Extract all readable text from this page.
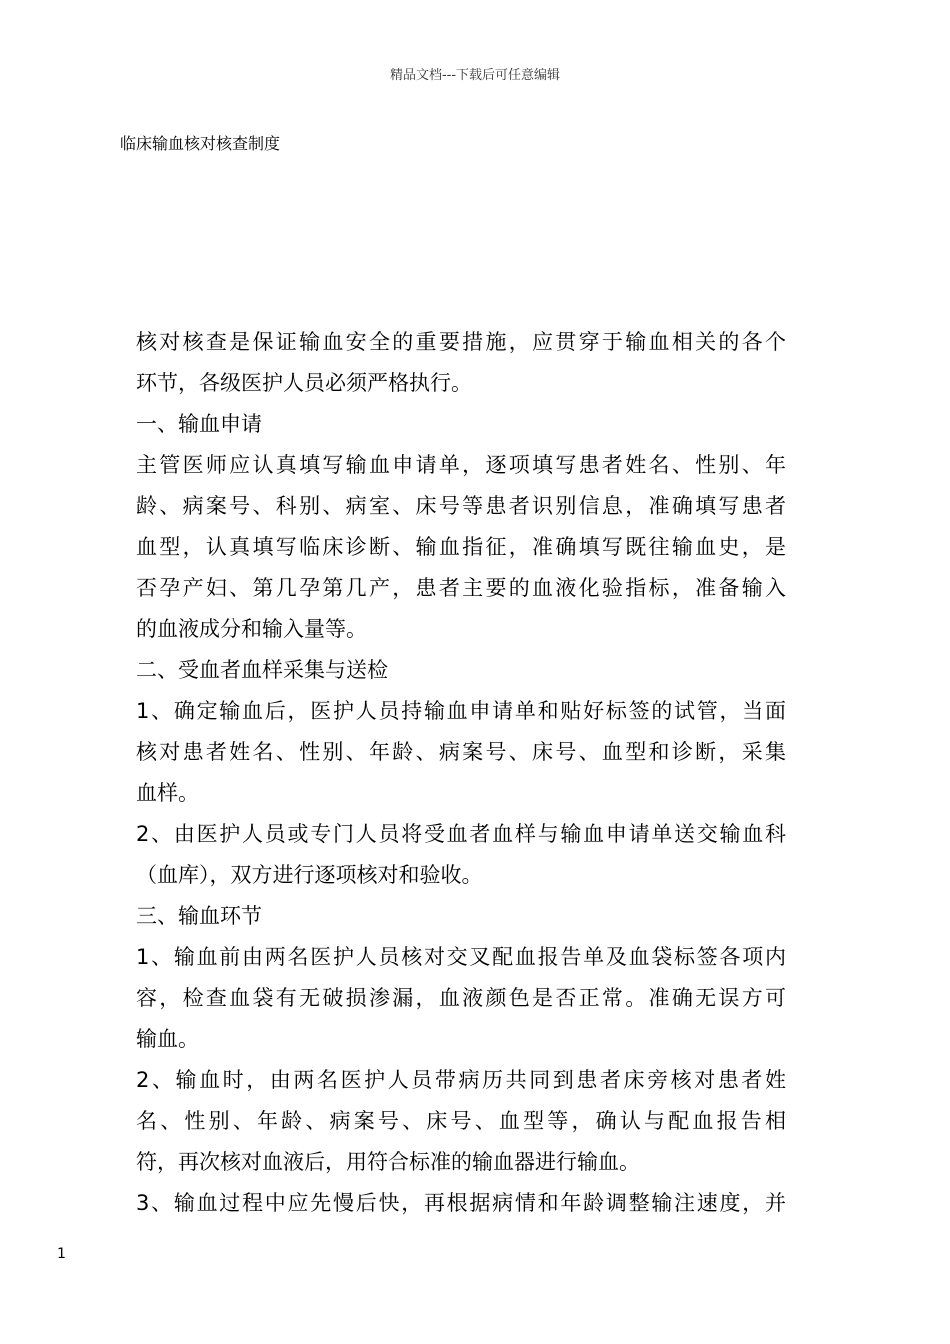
精品文档---下载后可任意编辑
临床输血核对核查制度
核对核查是保证输血安全的重要措施，应贯穿于输血相关的各个
环节，各级医护人员必须严格执行。
一、输血申请
主管医师应认真填写输血申请单，逐项填写患者姓名、性别、年
龄、病案号、科别、病室、床号等患者识别信息，准确填写患者
血型，认真填写临床诊断、输血指征，准确填写既往输血史，是
否孕产妇、第几孕第几产，患者主要的血液化验指标，准备输入
的血液成分和输入量等。
二、受血者血样采集与送检
1、确定输血后，医护人员持输血申请单和贴好标签的试管，当面
核对患者姓名、性别、年龄、病案号、床号、血型和诊断，采集
血样。
2、由医护人员或专门人员将受血者血样与输血申请单送交输血科
（血库），双方进行逐项核对和验收。
三、输血环节
1、输血前由两名医护人员核对交叉配血报告单及血袋标签各项内
容，检查血袋有无破损渗漏，血液颜色是否正常。准确无误方可
输血。
2、输血时，由两名医护人员带病历共同到患者床旁核对患者姓
名、性别、年龄、病案号、床号、血型等，确认与配血报告相
符，再次核对血液后，用符合标准的输血器进行输血。
3、输血过程中应先慢后快，再根据病情和年龄调整输注速度，并
1
